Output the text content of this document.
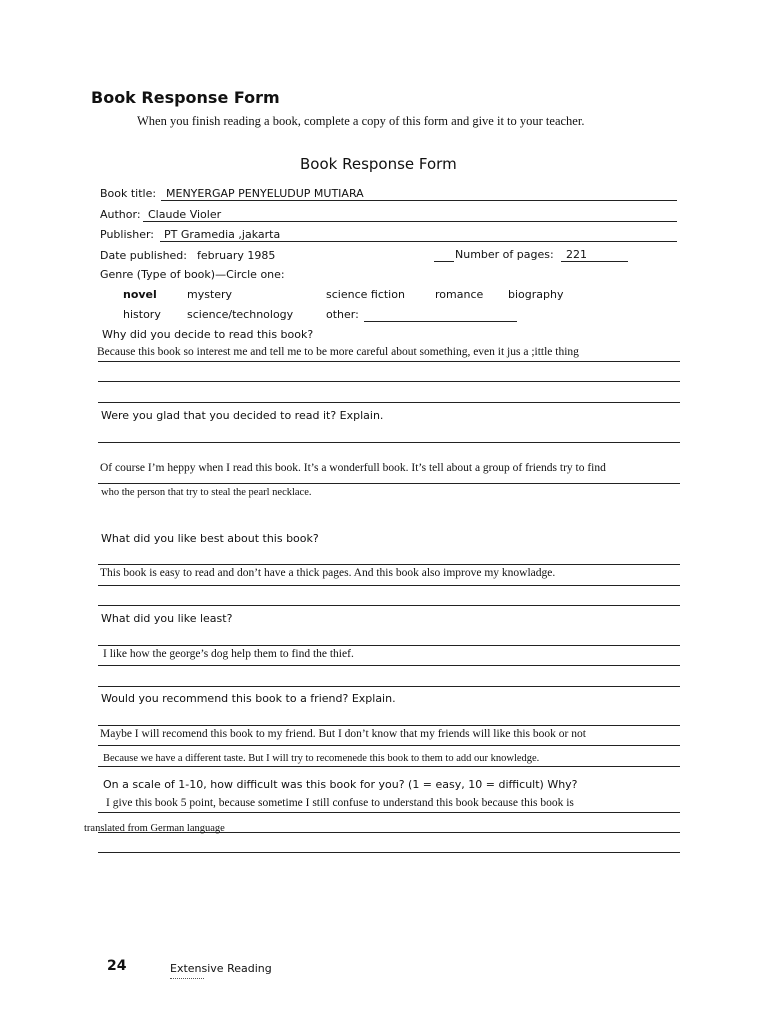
Book Response Form
When you finish reading a book, complete a copy of this form and give it to your teacher.
Book Response Form
Book title: MENYERGAP PENYELUDUP MUTIARA
Author: Claude Violer
Publisher: PT Gramedia ,jakarta
Date published: february 1985	Number of pages: 221
Genre (Type of book)—Circle one:
novel	mystery	science fiction	romance biography
history science/technology	other:
Why did you decide to read this book?
Because this book so interest me and tell me to be more careful about something, even it jus a ;ittle thing
Were you glad that you decided to read it? Explain.
Of course I’m heppy when I read this book. It’s a wonderfull book. It’s tell about a group of friends try to find
who the person that try to steal the pearl necklace.
What did you like best about this book?
This book is easy to read and don’t have a thick pages. And this book also improve my knowladge.
What did you like least?
I like how the george’s dog help them to find the thief.
Would you recommend this book to a friend? Explain.
Maybe I will recomend this book to my friend. But I don’t know that my friends will like this book or not
Because we have a different taste. But I will try to recomenede this book to them to add our knowledge.
On a scale of 1-10, how difficult was this book for you? (1 = easy, 10 = difficult) Why?
I give this book 5 point, because sometime I still confuse to understand this book because this book is
translated from German language
24	Extensive Reading
